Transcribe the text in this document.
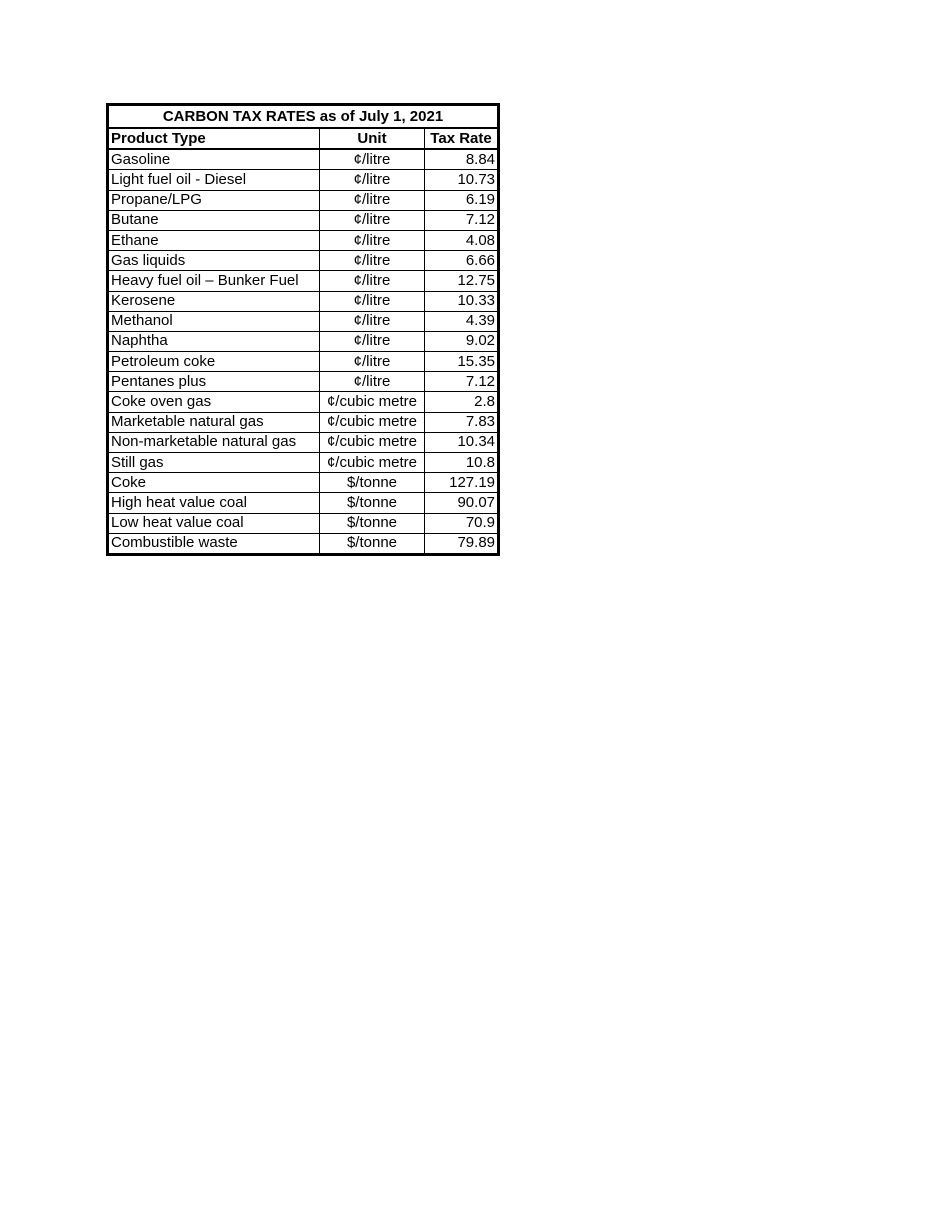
CARBON TAX RATES as of July 1, 2021		
Product Type	Unit	Tax Rate
Gasoline	¢/litre	8.84
Light fuel oil - Diesel	¢/litre	10.73
Propane/LPG	¢/litre	6.19
Butane	¢/litre	7.12
Ethane	¢/litre	4.08
Gas liquids	¢/litre	6.66
Heavy fuel oil – Bunker Fuel	¢/litre	12.75
Kerosene	¢/litre	10.33
Methanol	¢/litre	4.39
Naphtha	¢/litre	9.02
Petroleum coke	¢/litre	15.35
Pentanes plus	¢/litre	7.12
Coke oven gas	¢/cubic metre	2.8
Marketable natural gas	¢/cubic metre	7.83
Non-marketable natural gas	¢/cubic metre	10.34
Still gas	¢/cubic metre	10.8
Coke	$/tonne	127.19
High heat value coal	$/tonne	90.07
Low heat value coal	$/tonne	70.9
Combustible waste	$/tonne	79.89
